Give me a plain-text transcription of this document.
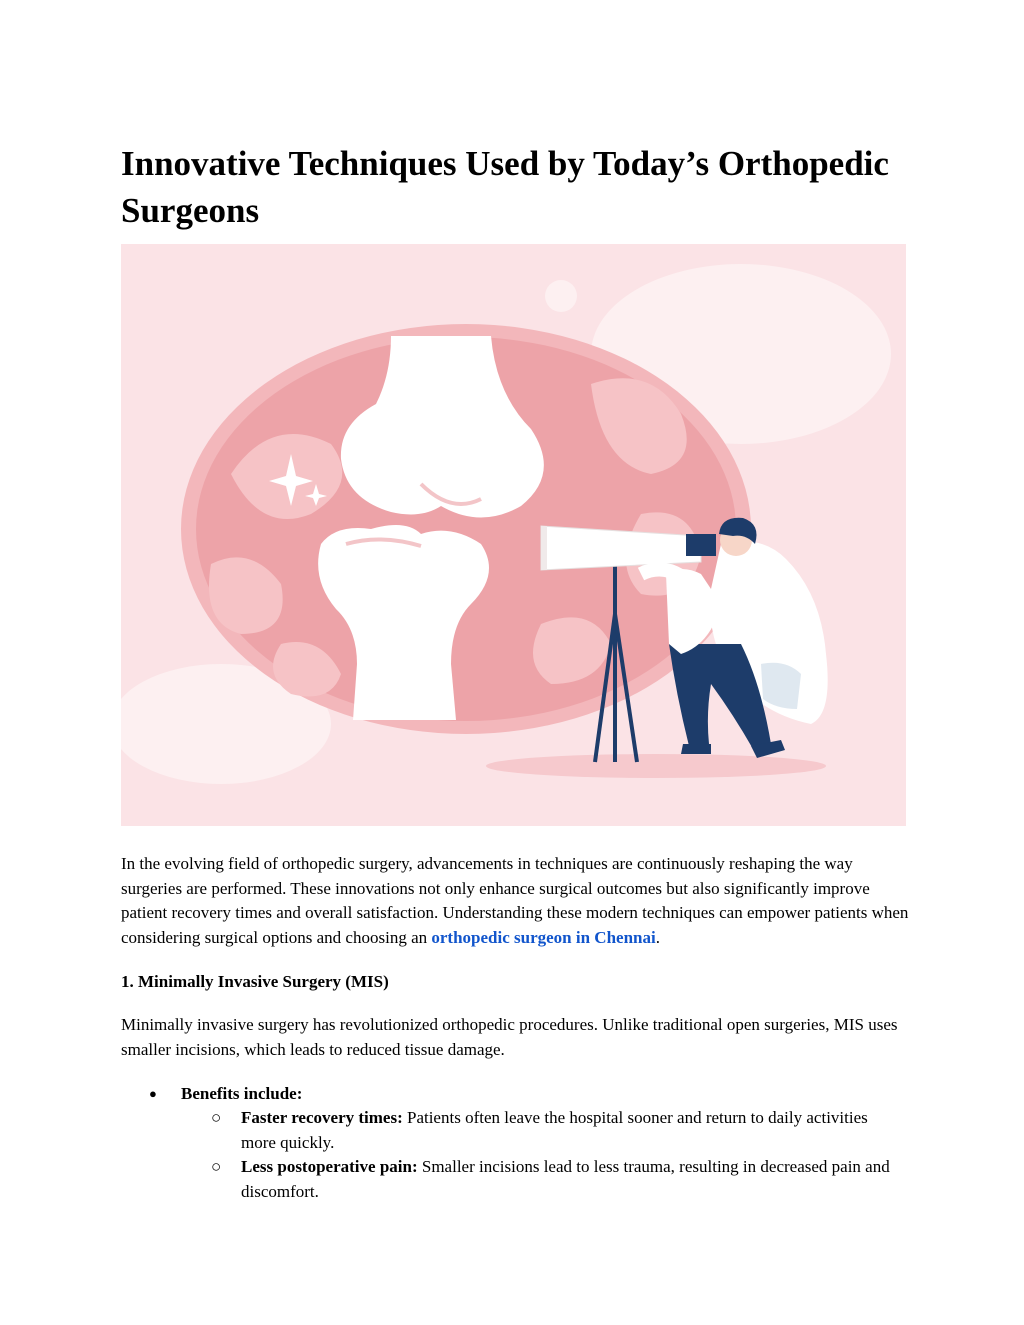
Innovative Techniques Used by Today’s Orthopedic Surgeons

In the evolving field of orthopedic surgery, advancements in techniques are continuously reshaping the way surgeries are performed. These innovations not only enhance surgical outcomes but also significantly improve patient recovery times and overall satisfaction. Understanding these modern techniques can empower patients when considering surgical options and choosing an orthopedic surgeon in Chennai.

1. Minimally Invasive Surgery (MIS)

Minimally invasive surgery has revolutionized orthopedic procedures. Unlike traditional open surgeries, MIS uses smaller incisions, which leads to reduced tissue damage.

● Benefits include:
○ Faster recovery times: Patients often leave the hospital sooner and return to daily activities more quickly.

○ Less postoperative pain: Smaller incisions lead to less trauma, resulting in decreased pain and discomfort.
